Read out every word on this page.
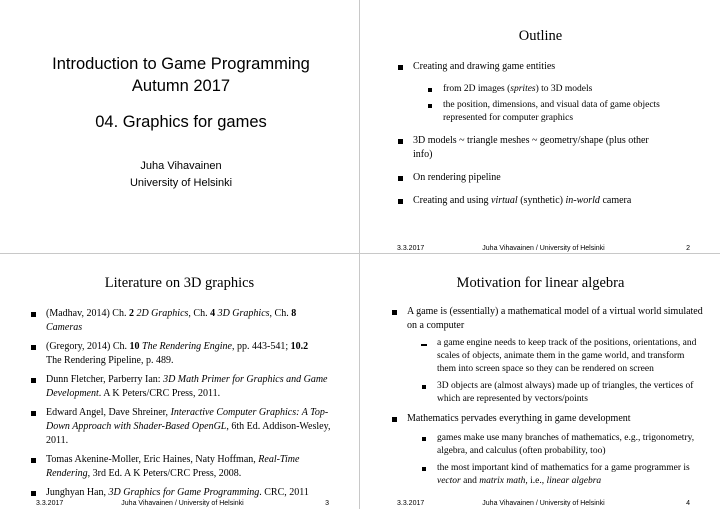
Introduction to Game Programming
Autumn 2017
04. Graphics for games
Juha Vihavainen
University of Helsinki
Outline
Creating and drawing game entities
from 2D images (sprites) to 3D models
the position, dimensions, and visual data of game objects represented for computer graphics
3D models ~ triangle meshes ~ geometry/shape (plus other info)
On rendering pipeline
Creating and using virtual (synthetic) in-world camera
3.3.2017	Juha Vihavainen / University of Helsinki	2
Literature on 3D graphics
(Madhav, 2014) Ch. 2 2D Graphics, Ch. 4 3D Graphics, Ch. 8
Cameras
(Gregory, 2014) Ch. 10 The Rendering Engine, pp. 443-541; 10.2
The Rendering Pipeline, p. 489.
Dunn Fletcher, Parberry Ian: 3D Math Primer for Graphics and Game Development. A K Peters/CRC Press, 2011.
Edward Angel, Dave Shreiner, Interactive Computer Graphics: A Top-Down Approach with Shader-Based OpenGL, 6th Ed. Addison-Wesley, 2011.
Tomas Akenine-Moller, Eric Haines, Naty Hoffman, Real-Time Rendering, 3rd Ed. A K Peters/CRC Press, 2008.
Junghyan Han, 3D Graphics for Game Programming. CRC, 2011
3.3.2017	Juha Vihavainen / University of Helsinki	3
Motivation for linear algebra
A game is (essentially) a mathematical model of a virtual world simulated on a computer
a game engine needs to keep track of the positions, orientations, and scales of objects, animate them in the game world, and transform them into screen space so they can be rendered on screen
3D objects are (almost always) made up of triangles, the vertices of which are represented by vectors/points
Mathematics pervades everything in game development
games make use many branches of mathematics, e.g., trigonometry, algebra, and calculus (often probability, too)
the most important kind of mathematics for a game programmer is vector and matrix math, i.e., linear algebra
3.3.2017	Juha Vihavainen / University of Helsinki	4
